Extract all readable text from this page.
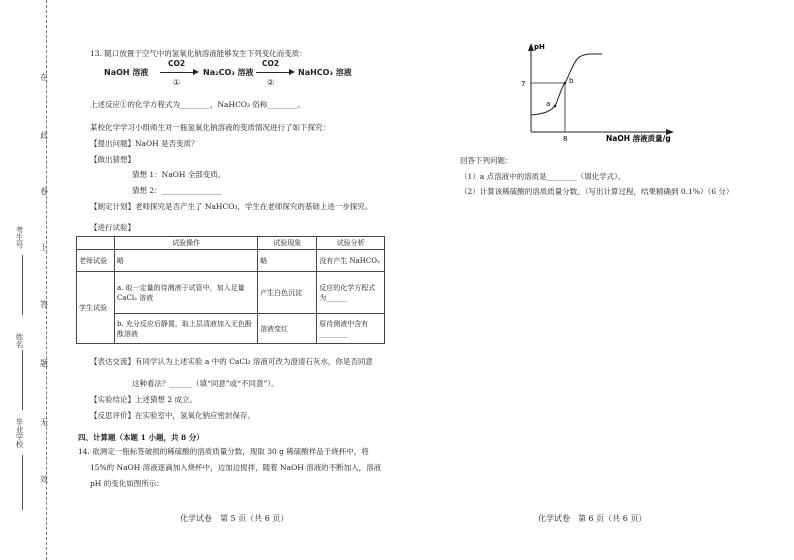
在
此
卷
上
答
题
无
效
考生号
姓名
毕业学校
13. 随口放置于空气中的氢氧化钠溶液能够发生下列变化而变质：
NaOH 溶液
CO2
①
Na₂CO₃ 溶液
CO2
②
NaHCO₃ 溶液
上述反应①的化学方程式为________，NaHCO₃ 俗称________。
某校化学学习小组师生对一瓶氢氧化钠溶液的变质情况进行了如下探究：
【提出问题】NaOH 是否变质？
【做出猜想】
猜想 1：NaOH 全部变质。
猜想 2：________________
【制定计划】老师探究是否产生了 NaHCO₃，学生在老师探究的基础上进一步探究。
【进行试验】
	试验操作	试验现象	试验分析
老师试验	略	略	没有产生 NaHCO₃
学生试验	a. 取一定量的待测液于试管中，加入足量 CaCl₂ 溶液	产生白色沉淀	反应的化学方程式为______
	b. 充分反应后静置，取上层清液加入无色酚酞溶液	溶液变红	原待测液中含有________
【表达交流】有同学认为上述实验 a 中的 CaCl₂ 溶液可改为澄清石灰水，你是否同意
这种看法？______（填“同意”或“不同意”）。
【实验结论】上述猜想 2 成立。
【反思评价】在实验室中，氢氧化钠应密封保存。
四、计算题（本题 1 小题，共 8 分）
14. 欲测定一瓶标签破损的稀硫酸的溶质质量分数，现取 30 g 稀硫酸样品于烧杯中，将
15%的 NaOH 溶液逐滴加入烧杯中，边加边搅拌，随着 NaOH 溶液的不断加入，溶液
pH 的变化如图所示：
pH
7
8
a
b
NaOH 溶液质量/g
回答下列问题：
（1）a 点溶液中的溶质是________（填化学式）。
（2）计算该稀硫酸的溶质质量分数。（写出计算过程，结果精确到 0.1%）（6 分）
化学试卷　第 5 页（共 6 页）	化学试卷　第 6 页（共 6 页）
